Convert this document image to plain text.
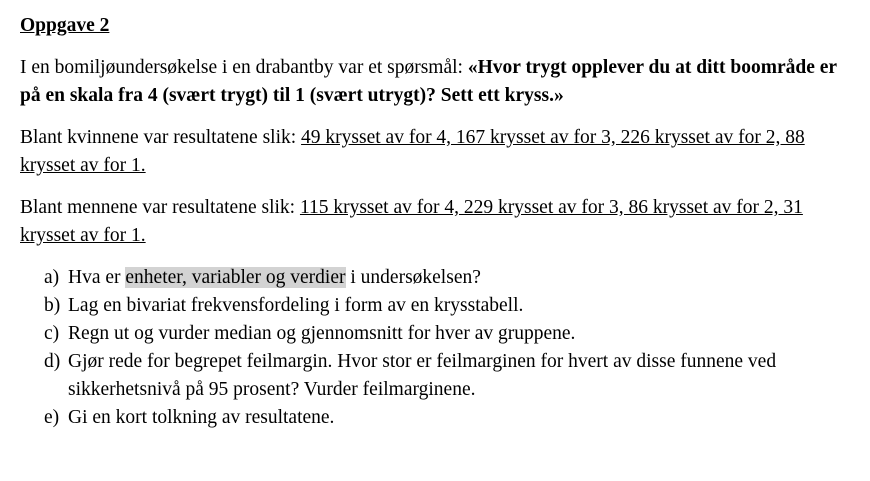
Oppgave 2

I en bomiljøundersøkelse i en drabantby var et spørsmål: «Hvor trygt opplever du at ditt boområde er på en skala fra 4 (svært trygt) til 1 (svært utrygt)? Sett ett kryss.»

Blant kvinnene var resultatene slik: 49 krysset av for 4, 167 krysset av for 3, 226 krysset av for 2, 88 krysset av for 1.

Blant mennene var resultatene slik: 115 krysset av for 4, 229 krysset av for 3, 86 krysset av for 2, 31 krysset av for 1.

a) Hva er enheter, variabler og verdier i undersøkelsen?
b) Lag en bivariat frekvensfordeling i form av en krysstabell.
c) Regn ut og vurder median og gjennomsnitt for hver av gruppene.
d) Gjør rede for begrepet feilmargin. Hvor stor er feilmarginen for hvert av disse funnene ved sikkerhetsnivå på 95 prosent? Vurder feilmarginene.
e) Gi en kort tolkning av resultatene.
